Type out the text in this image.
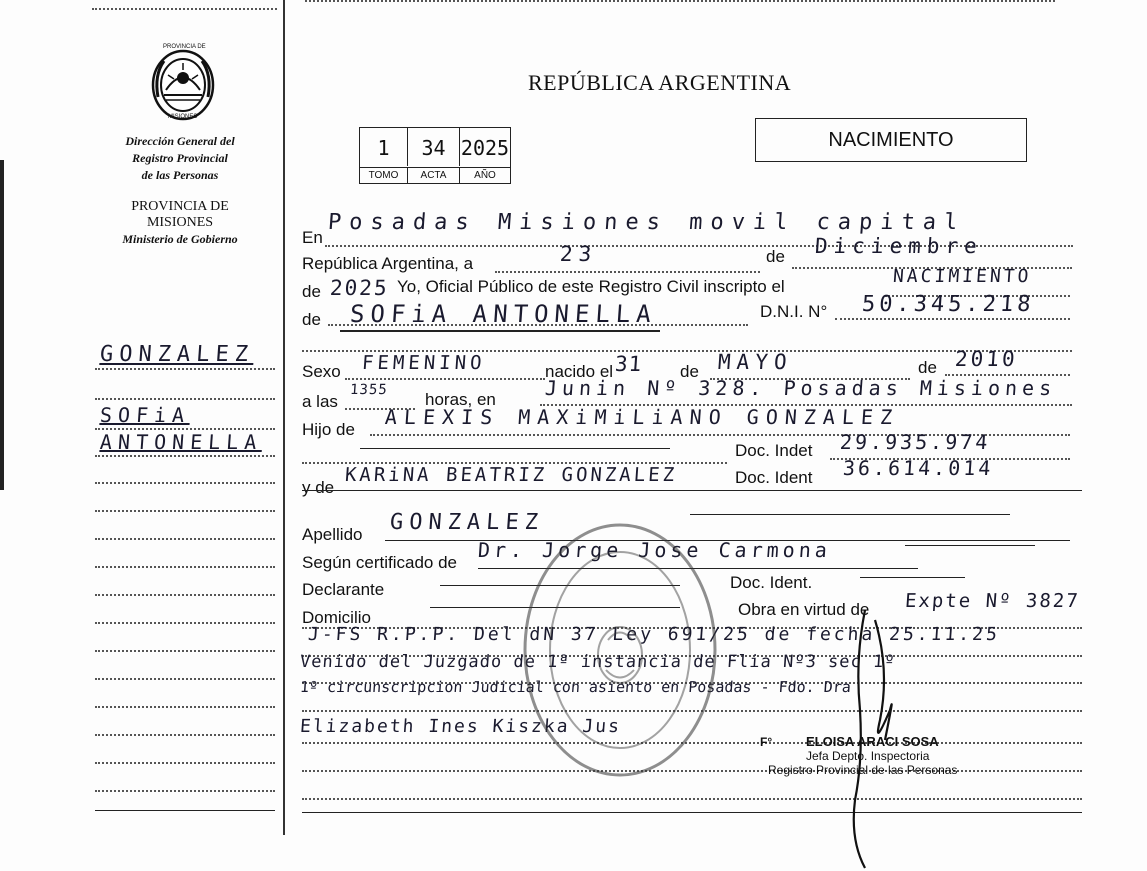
PROVINCIA DE
MISIONES
Dirección General del
Registro Provincial
de las Personas
PROVINCIA DE
MISIONES
Ministerio de Gobierno
REPÚBLICA ARGENTINA
1	34 2025
TOMO	ACTA	AÑO
NACIMIENTO
GONZALEZ
SOFiA
ANTONELLA
En
Posadas Misiones movil capital
República Argentina, a	23	de Diciembre
de 2025 Yo, Oficial Público de este Registro Civil inscripto el	NACIMIENTO
de SOFiA ANTONELLA	D.N.I. N° 50.345.218
Sexo FEMENINO	nacido el 31 de MAYO	de 2010
a las
1355 horas, en Junin Nº 328. Posadas Misiones
Hijo de
ALEXIS MAXiMiLiANO GONZALEZ
Doc. Indet 29.935.974
y de
KARiNA BEATRIZ GONZALEZ	Doc. Ident 36.614.014
Apellido GONZALEZ
Según certificado de
Dr. Jorge Jose Carmona
Declarante	Doc. Ident.
Domicilio	Obra en virtud de Expte Nº 3827
J-FS R.P.P. Del dN 37 Ley 691/25 de fecha 25.11.25
Venido del Juzgado de 1ª instancia de Flia Nº3 sec 1º
1º circunscripcion Judicial con asiento en Posadas - Fdo. Dra
Elizabeth Ines Kiszka Jus
F°	ELOISA ARACI SOSA
Jefa Depto. Inspectoria
Registro Provincial de las Personas
